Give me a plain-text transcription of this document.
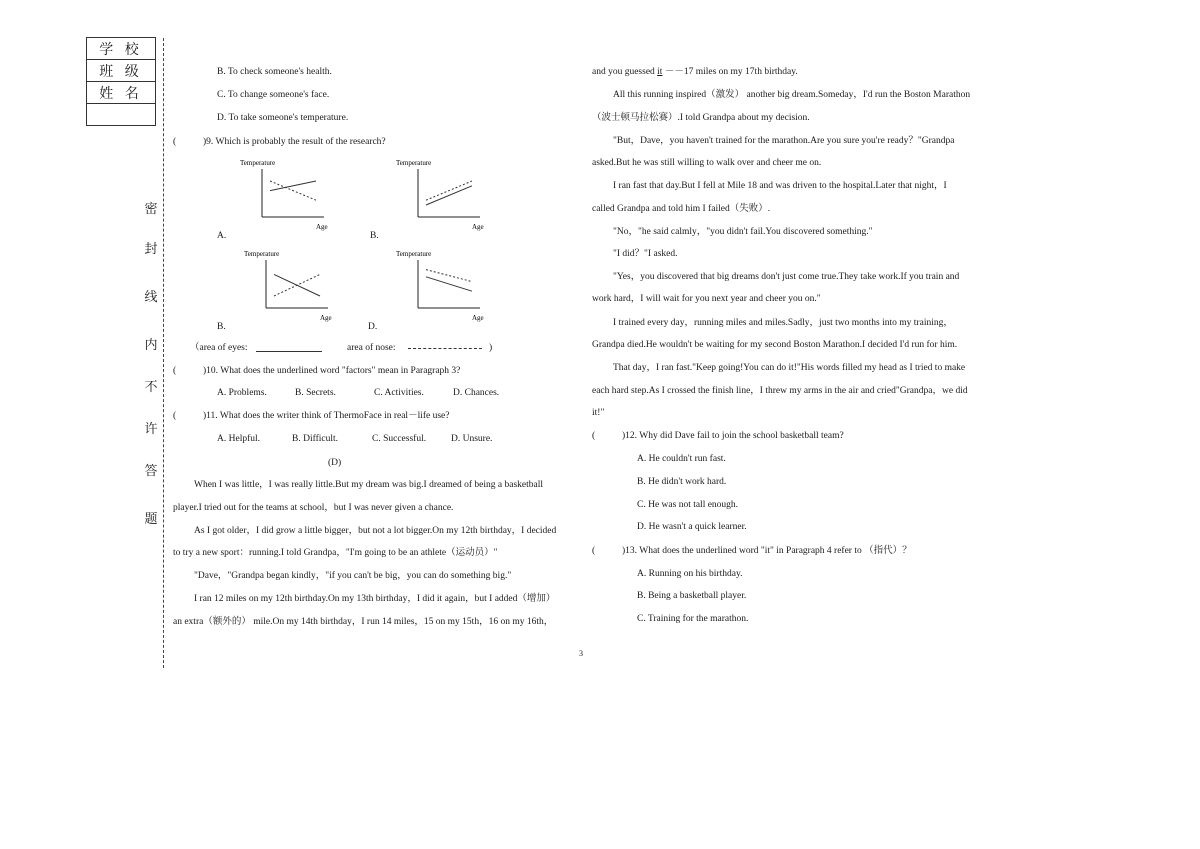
学 校
班 级
姓 名

密
封
线
内
不
许
答
题
B. To check someone's health.
C. To change someone's face.
D. To take someone's temperature.
(	)9. Which is probably the result of the research?
Temperature
Age
A.
Temperature
Age
B.
Temperature
Age
B.
Temperature
Age
D.
（area of eyes:	area of nose:	)
(	)10. What does the underlined word "factors" mean in Paragraph 3?
A. Problems.	B. Secrets.	C. Activities.	D. Chances.
(	)11. What does the writer think of ThermoFace in real－life use?
A. Helpful.	B. Difficult.	C. Successful.	D. Unsure.
(D)
When I was little，I was really little.But my dream was big.I dreamed of being a basketball
player.I tried out for the teams at school，but I was never given a chance.
As I got older，I did grow a little bigger，but not a lot bigger.On my 12th birthday，I decided
to try a new sport：running.I told Grandpa，"I'm going to be an athlete（运动员）"
"Dave，"Grandpa began kindly，"if you can't be big，you can do something big."
I ran 12 miles on my 12th birthday.On my 13th birthday，I did it again，but I added（增加）
an extra（额外的） mile.On my 14th birthday，I run 14 miles，15 on my 15th，16 on my 16th，
and you guessed it －－17 miles on my 17th birthday.
All this running inspired（激发） another big dream.Someday，I'd run the Boston Marathon
（波士顿马拉松赛）.I told Grandpa about my decision.
"But，Dave，you haven't trained for the marathon.Are you sure you're ready？"Grandpa
asked.But he was still willing to walk over and cheer me on.
I ran fast that day.But I fell at Mile 18 and was driven to the hospital.Later that night，I
called Grandpa and told him I failed（失败）.
"No，"he said calmly，"you didn't fail.You discovered something."
"I did？"I asked.
"Yes，you discovered that big dreams don't just come true.They take work.If you train and
work hard，I will wait for you next year and cheer you on."
I trained every day，running miles and miles.Sadly，just two months into my training，
Grandpa died.He wouldn't be waiting for my second Boston Marathon.I decided I'd run for him.
That day，I ran fast."Keep going!You can do it!"His words filled my head as I tried to make
each hard step.As I crossed the finish line，I threw my arms in the air and cried"Grandpa，we did
it!"
(	)12. Why did Dave fail to join the school basketball team?
A. He couldn't run fast.
B. He didn't work hard.
C. He was not tall enough.
D. He wasn't a quick learner.
(	)13. What does the underlined word "it" in Paragraph 4 refer to （指代）？
A. Running on his birthday.
B. Being a basketball player.
C. Training for the marathon.
3
